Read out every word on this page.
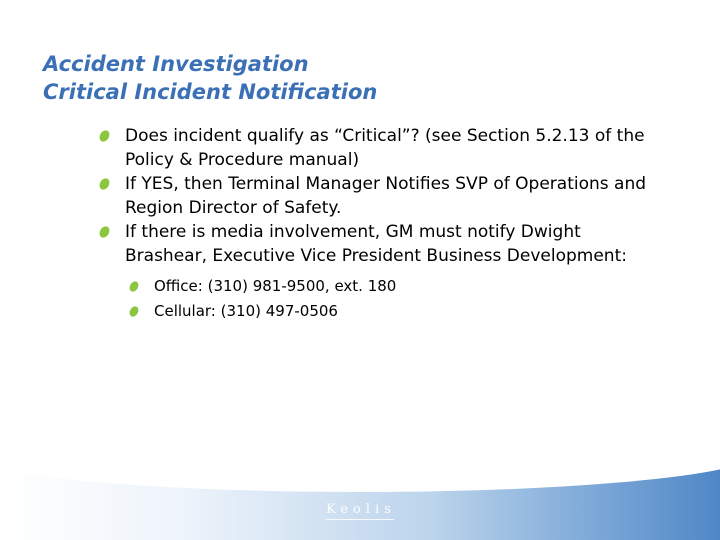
Accident Investigation
Critical Incident Notification
Does incident qualify as “Critical”? (see Section 5.2.13 of the Policy & Procedure manual)
If YES, then Terminal Manager Notifies SVP of Operations and Region Director of Safety.
If there is media involvement, GM must notify Dwight Brashear, Executive Vice President Business Development:
Office: (310) 981-9500, ext. 180
Cellular: (310) 497-0506
Keolis
